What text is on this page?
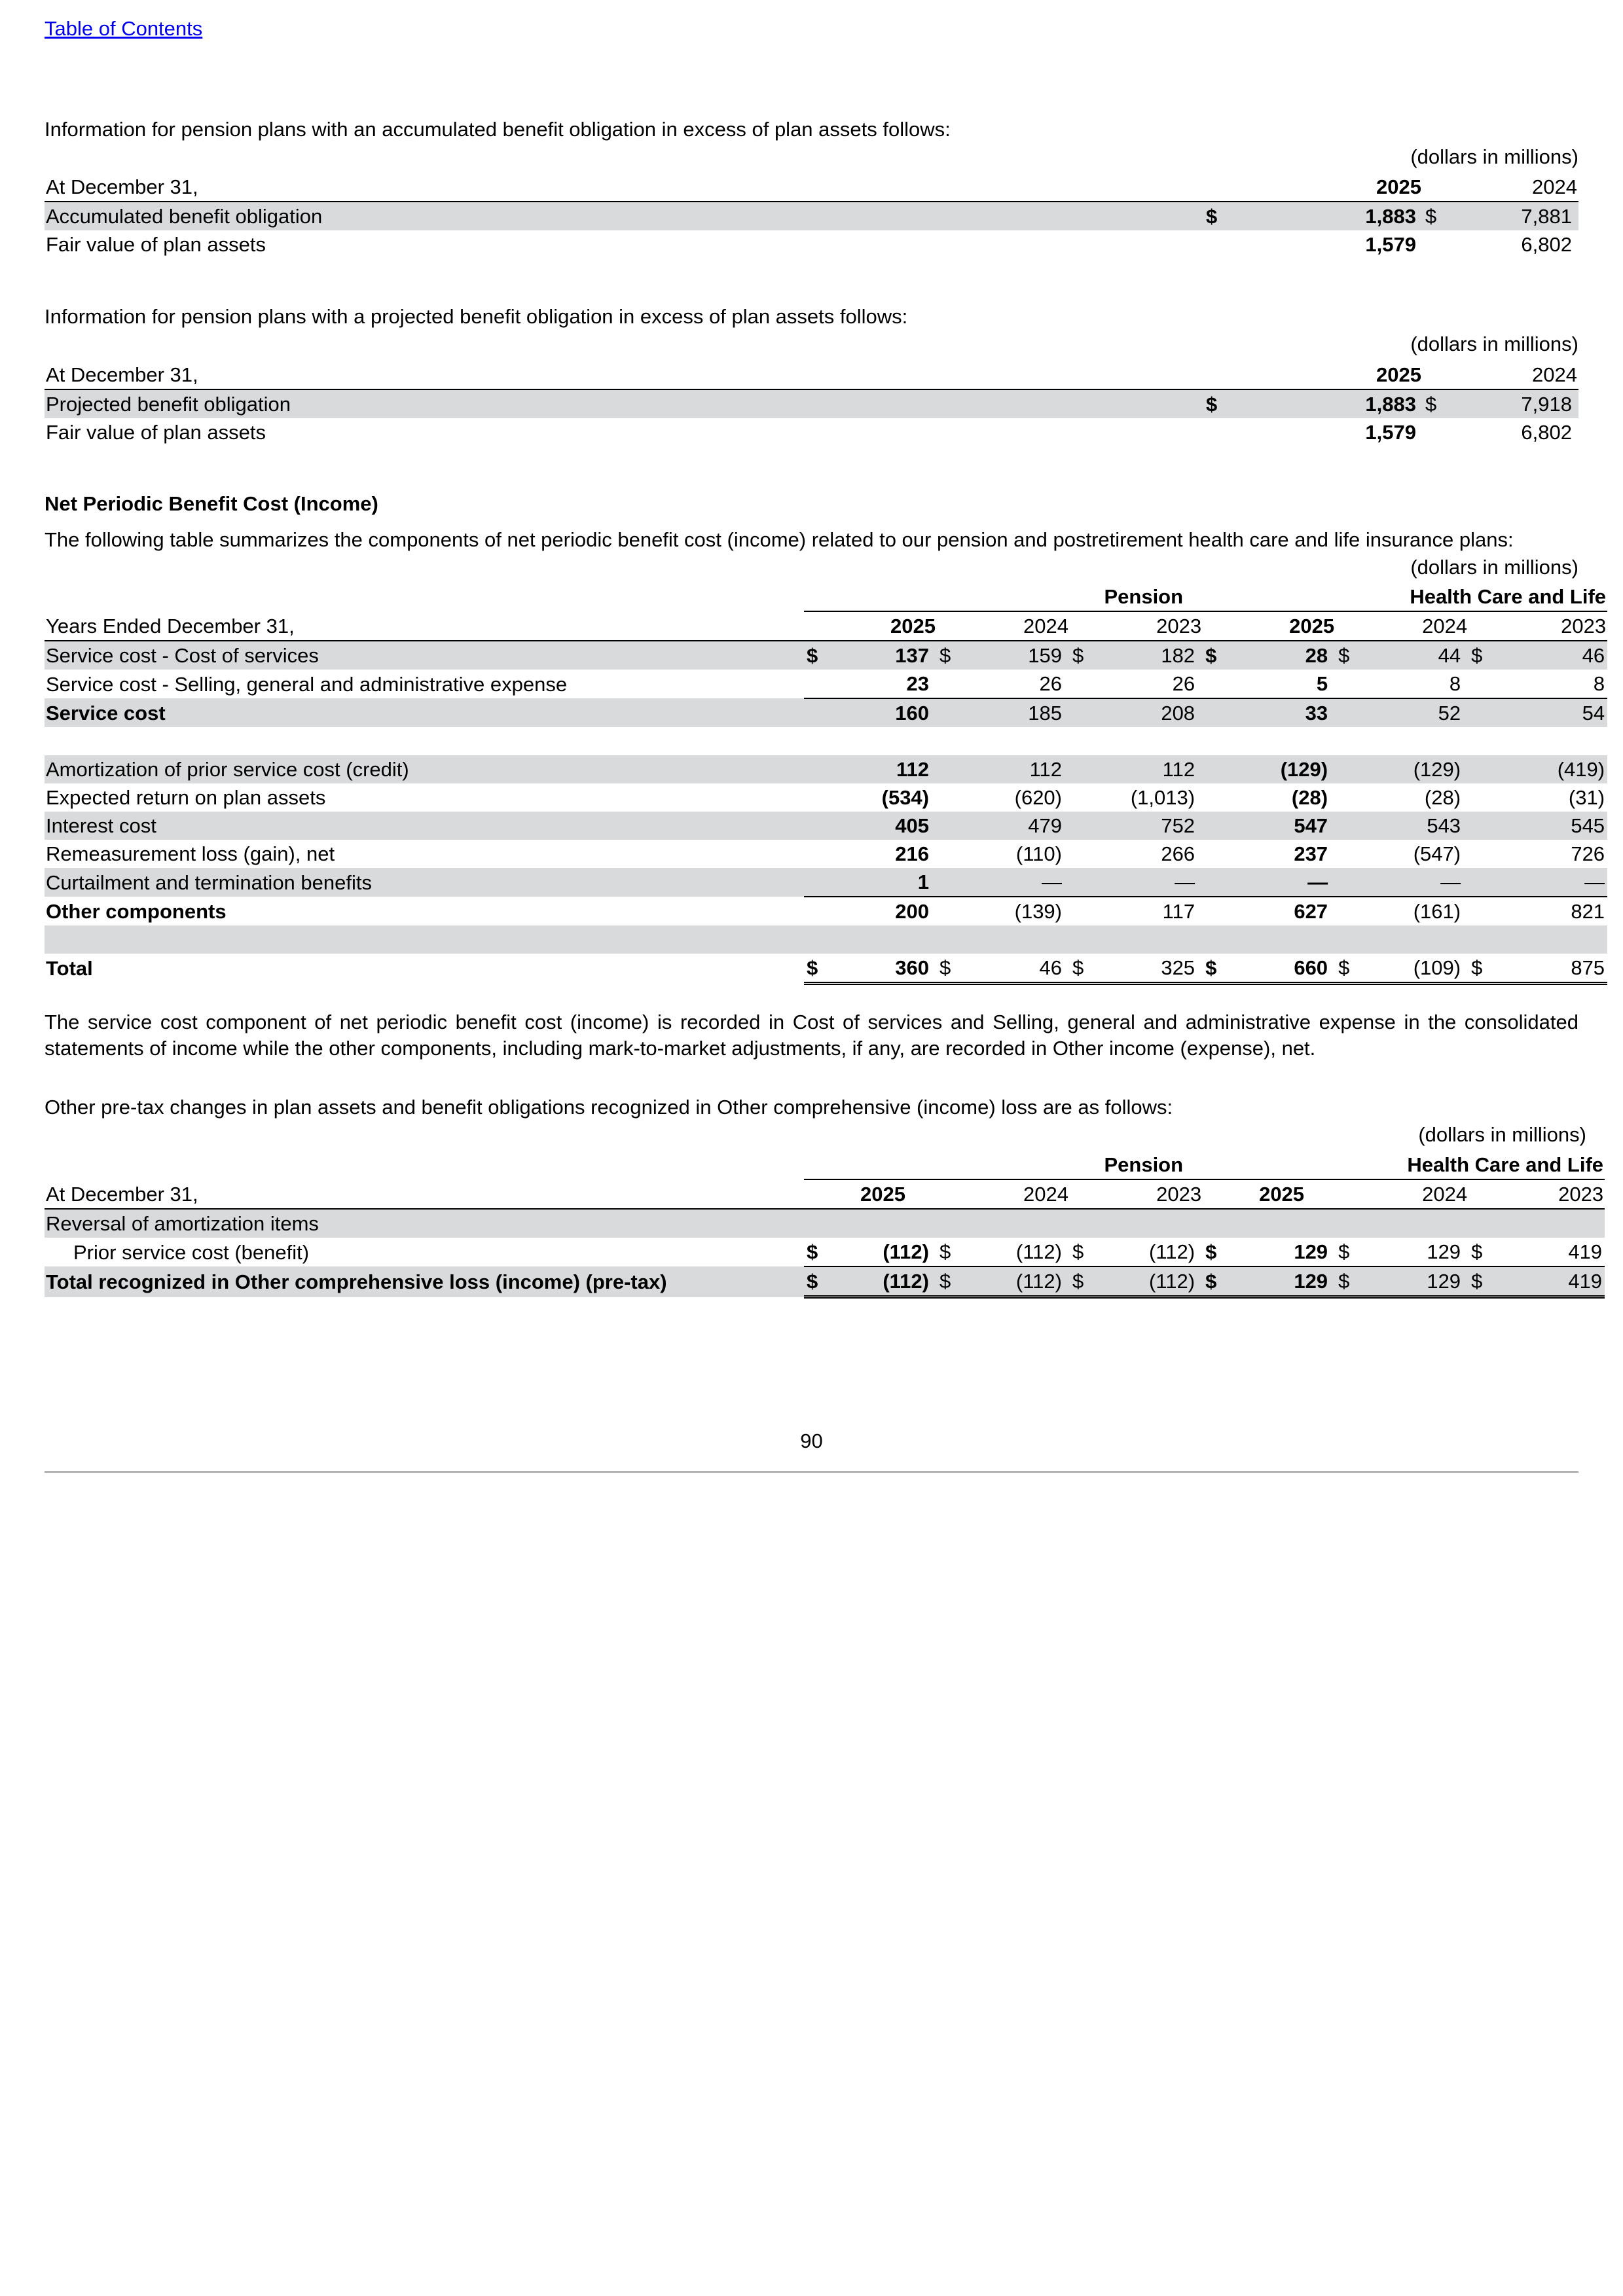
Table of Contents
Information for pension plans with an accumulated benefit obligation in excess of plan assets follows:
(dollars in millions)
At December 31,		2025		2024
Accumulated benefit obligation	$	1,883	$	7,881
Fair value of plan assets		1,579		6,802
Information for pension plans with a projected benefit obligation in excess of plan assets follows:
(dollars in millions)
At December 31,		2025		2024
Projected benefit obligation	$	1,883	$	7,918
Fair value of plan assets		1,579		6,802
Net Periodic Benefit Cost (Income)
The following table summarizes the components of net periodic benefit cost (income) related to our pension and postretirement health care and life insurance plans:
(dollars in millions)
	Pension						Health Care and Life					
Years Ended December 31,		2025		2024		2023		2025		2024		2023
Service cost - Cost of services	$	137	$	159	$	182	$	28	$	44	$	46
Service cost - Selling, general and administrative expense		23		26		26		5		8		8
Service cost		160		185		208		33		52		54

Amortization of prior service cost (credit)		112		112		112		(129)		(129)		(419)
Expected return on plan assets		(534)		(620)		(1,013)		(28)		(28)		(31)
Interest cost		405		479		752		547		543		545
Remeasurement loss (gain), net		216		(110)		266		237		(547)		726
Curtailment and termination benefits		1		—		—		—		—		—
Other components		200		(139)		117		627		(161)		821

Total	$	360	$	46	$	325	$	660	$	(109)	$	875
The service cost component of net periodic benefit cost (income) is recorded in Cost of services and Selling, general and administrative expense in the consolidated statements of income while the other components, including mark-to-market adjustments, if any, are recorded in Other income (expense), net.
Other pre-tax changes in plan assets and benefit obligations recognized in Other comprehensive (income) loss are as follows:
(dollars in millions)
	Pension						Health Care and Life					
At December 31,		2025		2024		2023		2025		2024		2023
Reversal of amortization items												
Prior service cost (benefit)	$	(112)	$	(112)	$	(112)	$	129	$	129	$	419
Total recognized in Other comprehensive loss (income) (pre-tax)	$	(112)	$	(112)	$	(112)	$	129	$	129	$	419
90
